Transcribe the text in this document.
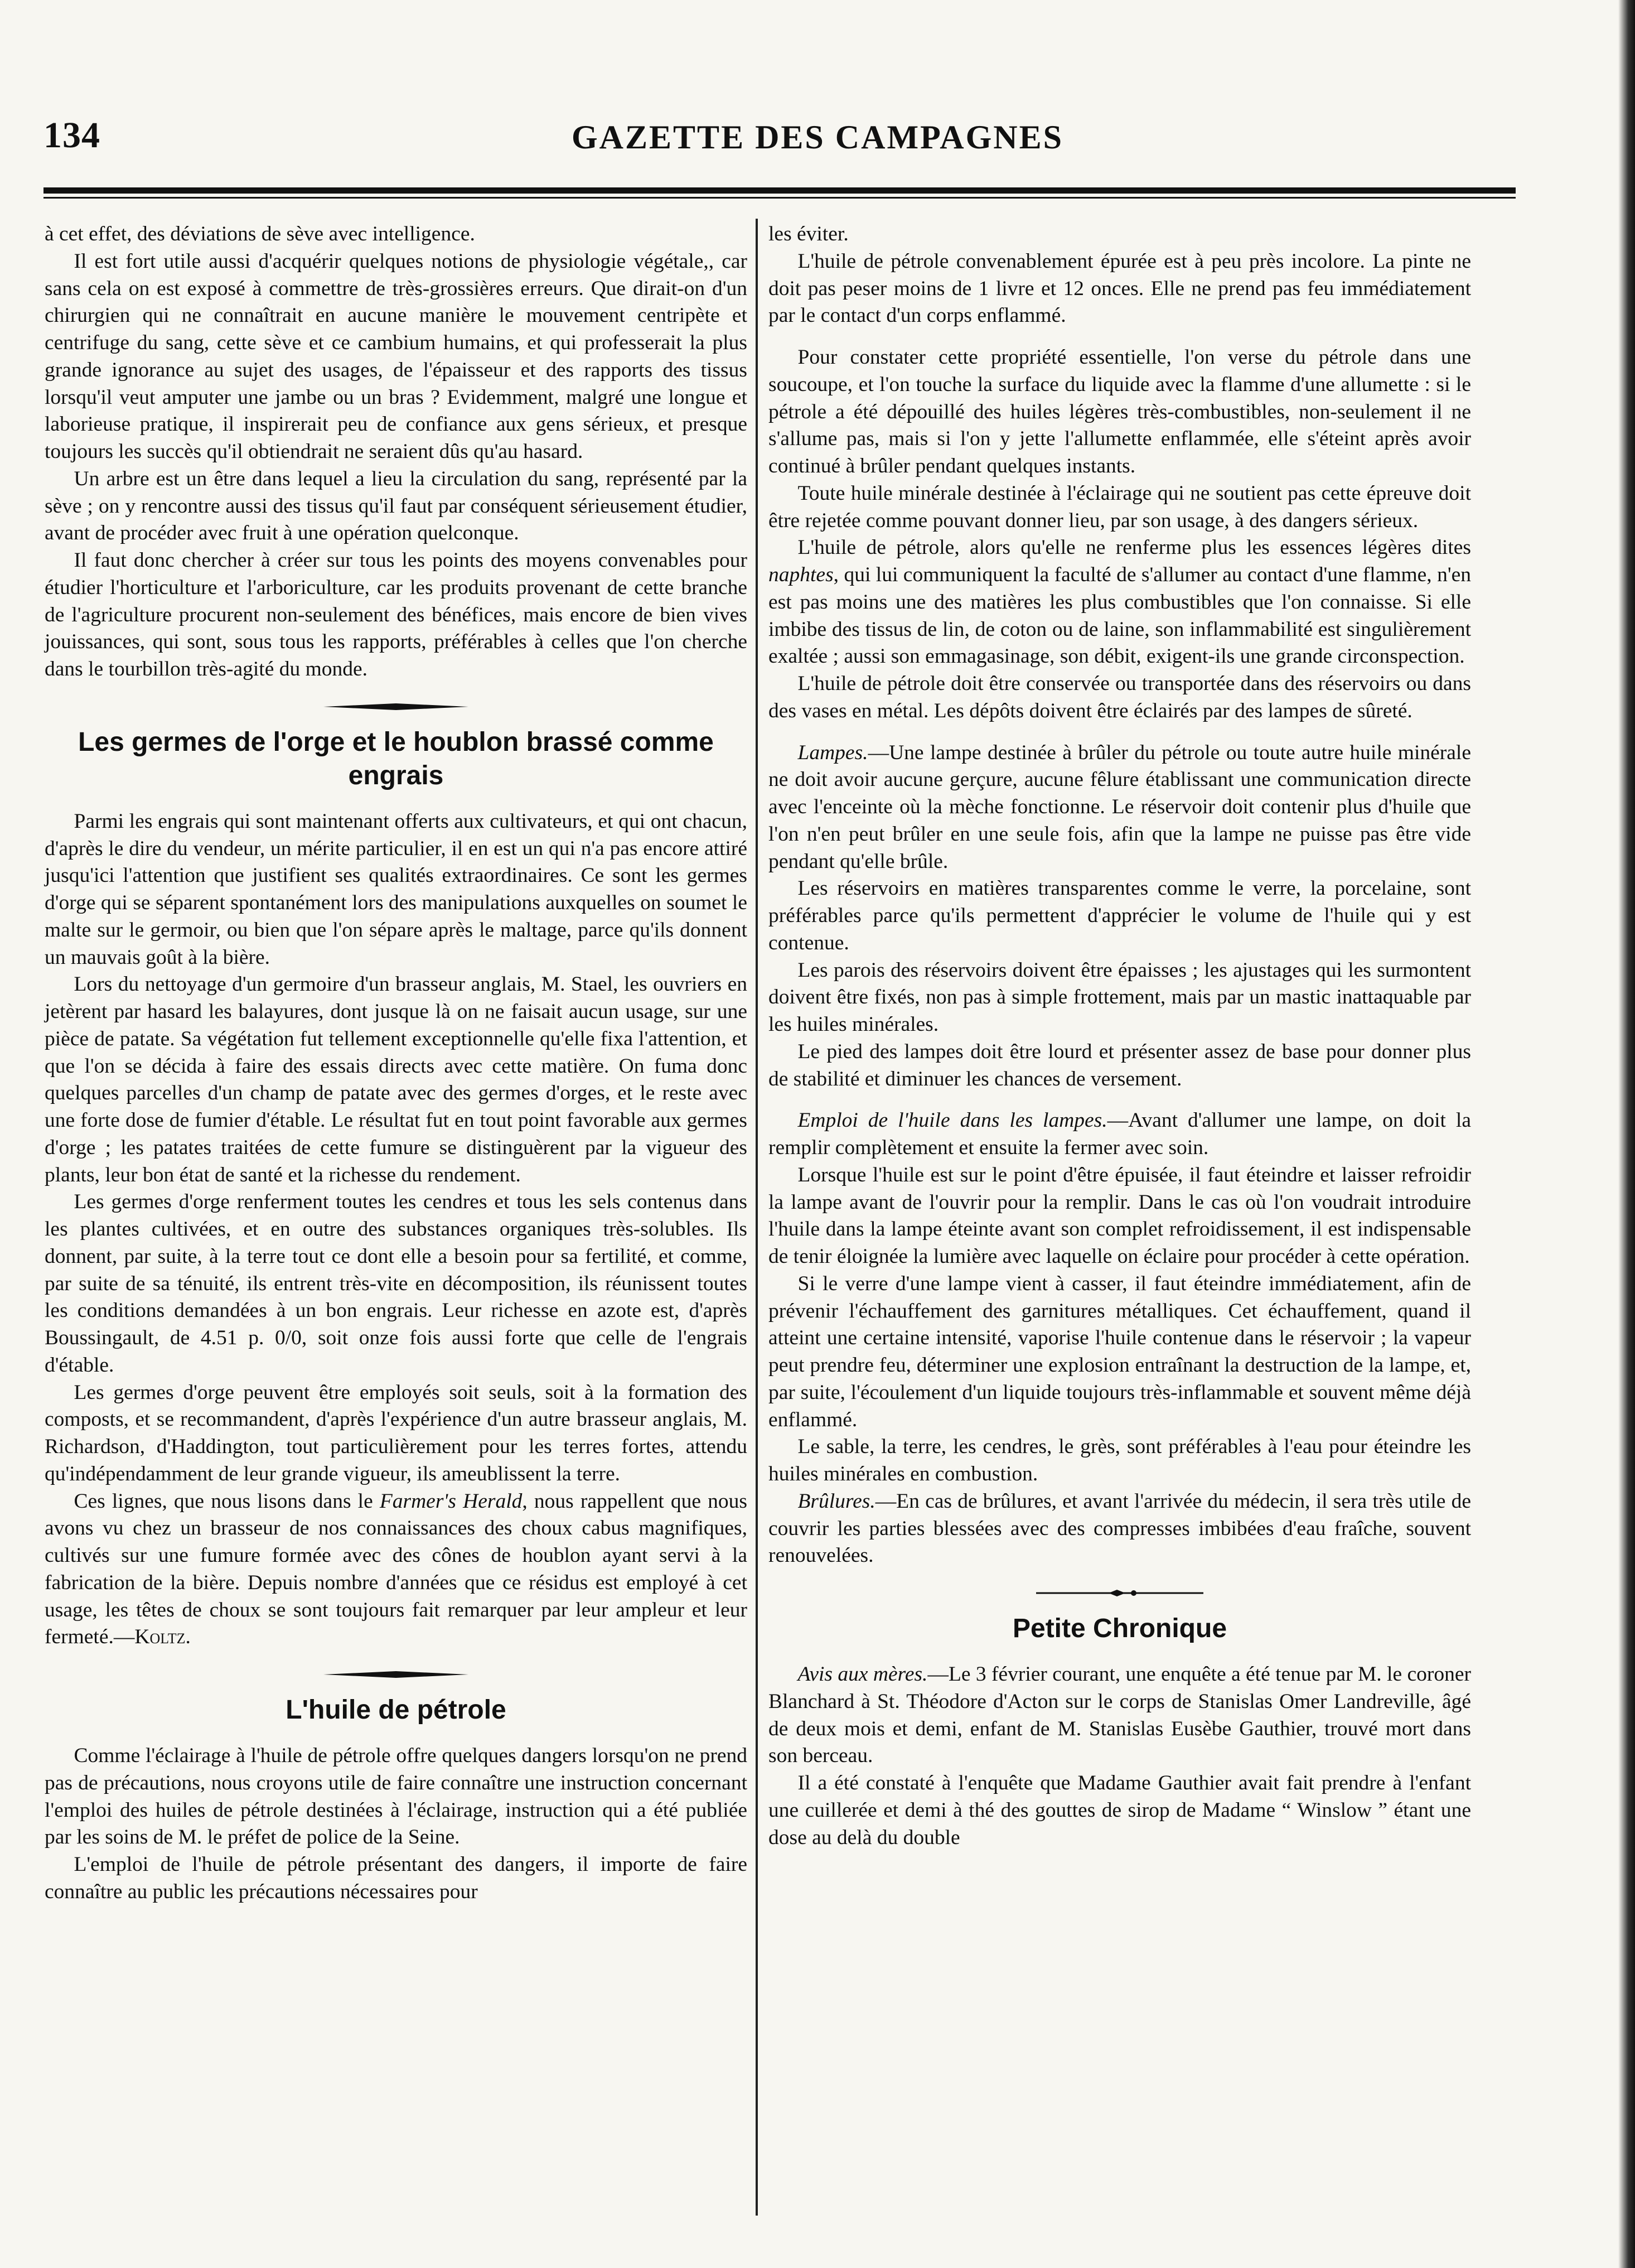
134	GAZETTE DES CAMPAGNES

à cet effet, des déviations de sève avec intelligence.

Il est fort utile aussi d'acquérir quelques notions de physiologie végétale,, car sans cela on est exposé à commettre de très-grossières erreurs. Que dirait-on d'un chirurgien qui ne connaîtrait en aucune manière le mouvement centripète et centrifuge du sang, cette sève et ce cambium humains, et qui professerait la plus grande ignorance au sujet des usages, de l'épaisseur et des rapports des tissus lorsqu'il veut amputer une jambe ou un bras ? Evidemment, malgré une longue et laborieuse pratique, il inspirerait peu de confiance aux gens sérieux, et presque toujours les succès qu'il obtiendrait ne seraient dûs qu'au hasard.

Un arbre est un être dans lequel a lieu la circulation du sang, représenté par la sève ; on y rencontre aussi des tissus qu'il faut par conséquent sérieusement étudier, avant de procéder avec fruit à une opération quelconque.

Il faut donc chercher à créer sur tous les points des moyens convenables pour étudier l'horticulture et l'arboriculture, car les produits provenant de cette branche de l'agriculture procurent non-seulement des bénéfices, mais encore de bien vives jouissances, qui sont, sous tous les rapports, préférables à celles que l'on cherche dans le tourbillon très-agité du monde.

Les germes de l'orge et le houblon brassé comme engrais

Parmi les engrais qui sont maintenant offerts aux cultivateurs, et qui ont chacun, d'après le dire du vendeur, un mérite particulier, il en est un qui n'a pas encore attiré jusqu'ici l'attention que justifient ses qualités extraordinaires. Ce sont les germes d'orge qui se séparent spontanément lors des manipulations auxquelles on soumet le malte sur le germoir, ou bien que l'on sépare après le maltage, parce qu'ils donnent un mauvais goût à la bière.

Lors du nettoyage d'un germoire d'un brasseur anglais, M. Stael, les ouvriers en jetèrent par hasard les balayures, dont jusque là on ne faisait aucun usage, sur une pièce de patate. Sa végétation fut tellement exceptionnelle qu'elle fixa l'attention, et que l'on se décida à faire des essais directs avec cette matière. On fuma donc quelques parcelles d'un champ de patate avec des germes d'orges, et le reste avec une forte dose de fumier d'étable. Le résultat fut en tout point favorable aux germes d'orge ; les patates traitées de cette fumure se distinguèrent par la vigueur des plants, leur bon état de santé et la richesse du rendement.

Les germes d'orge renferment toutes les cendres et tous les sels contenus dans les plantes cultivées, et en outre des substances organiques très-solubles. Ils donnent, par suite, à la terre tout ce dont elle a besoin pour sa fertilité, et comme, par suite de sa ténuité, ils entrent très-vite en décomposition, ils réunissent toutes les conditions demandées à un bon engrais. Leur richesse en azote est, d'après Boussingault, de 4.51 p. 0/0, soit onze fois aussi forte que celle de l'engrais d'étable.

Les germes d'orge peuvent être employés soit seuls, soit à la formation des composts, et se recommandent, d'après l'expérience d'un autre brasseur anglais, M. Richardson, d'Haddington, tout particulièrement pour les terres fortes, attendu qu'indépendamment de leur grande vigueur, ils ameublissent la terre.

Ces lignes, que nous lisons dans le Farmer's Herald, nous rappellent que nous avons vu chez un brasseur de nos connaissances des choux cabus magnifiques, cultivés sur une fumure formée avec des cônes de houblon ayant servi à la fabrication de la bière. Depuis nombre d'années que ce résidus est employé à cet usage, les têtes de choux se sont toujours fait remarquer par leur ampleur et leur fermeté.—Koltz.

L'huile de pétrole

Comme l'éclairage à l'huile de pétrole offre quelques dangers lorsqu'on ne prend pas de précautions, nous croyons utile de faire connaître une instruction concernant l'emploi des huiles de pétrole destinées à l'éclairage, instruction qui a été publiée par les soins de M. le préfet de police de la Seine.

L'emploi de l'huile de pétrole présentant des dangers, il importe de faire connaître au public les précautions nécessaires pour

les éviter.

L'huile de pétrole convenablement épurée est à peu près incolore. La pinte ne doit pas peser moins de 1 livre et 12 onces. Elle ne prend pas feu immédiatement par le contact d'un corps enflammé.

Pour constater cette propriété essentielle, l'on verse du pétrole dans une soucoupe, et l'on touche la surface du liquide avec la flamme d'une allumette : si le pétrole a été dépouillé des huiles légères très-combustibles, non-seulement il ne s'allume pas, mais si l'on y jette l'allumette enflammée, elle s'éteint après avoir continué à brûler pendant quelques instants.

Toute huile minérale destinée à l'éclairage qui ne soutient pas cette épreuve doit être rejetée comme pouvant donner lieu, par son usage, à des dangers sérieux.

L'huile de pétrole, alors qu'elle ne renferme plus les essences légères dites naphtes, qui lui communiquent la faculté de s'allumer au contact d'une flamme, n'en est pas moins une des matières les plus combustibles que l'on connaisse. Si elle imbibe des tissus de lin, de coton ou de laine, son inflammabilité est singulièrement exaltée ; aussi son emmagasinage, son débit, exigent-ils une grande circonspection.

L'huile de pétrole doit être conservée ou transportée dans des réservoirs ou dans des vases en métal. Les dépôts doivent être éclairés par des lampes de sûreté.

Lampes.—Une lampe destinée à brûler du pétrole ou toute autre huile minérale ne doit avoir aucune gerçure, aucune fêlure établissant une communication directe avec l'enceinte où la mèche fonctionne. Le réservoir doit contenir plus d'huile que l'on n'en peut brûler en une seule fois, afin que la lampe ne puisse pas être vide pendant qu'elle brûle.

Les réservoirs en matières transparentes comme le verre, la porcelaine, sont préférables parce qu'ils permettent d'apprécier le volume de l'huile qui y est contenue.

Les parois des réservoirs doivent être épaisses ; les ajustages qui les surmontent doivent être fixés, non pas à simple frottement, mais par un mastic inattaquable par les huiles minérales.

Le pied des lampes doit être lourd et présenter assez de base pour donner plus de stabilité et diminuer les chances de versement.

Emploi de l'huile dans les lampes.—Avant d'allumer une lampe, on doit la remplir complètement et ensuite la fermer avec soin.

Lorsque l'huile est sur le point d'être épuisée, il faut éteindre et laisser refroidir la lampe avant de l'ouvrir pour la remplir. Dans le cas où l'on voudrait introduire l'huile dans la lampe éteinte avant son complet refroidissement, il est indispensable de tenir éloignée la lumière avec laquelle on éclaire pour procéder à cette opération.

Si le verre d'une lampe vient à casser, il faut éteindre immédiatement, afin de prévenir l'échauffement des garnitures métalliques. Cet échauffement, quand il atteint une certaine intensité, vaporise l'huile contenue dans le réservoir ; la vapeur peut prendre feu, déterminer une explosion entraînant la destruction de la lampe, et, par suite, l'écoulement d'un liquide toujours très-inflammable et souvent même déjà enflammé.

Le sable, la terre, les cendres, le grès, sont préférables à l'eau pour éteindre les huiles minérales en combustion.

Brûlures.—En cas de brûlures, et avant l'arrivée du médecin, il sera très utile de couvrir les parties blessées avec des compresses imbibées d'eau fraîche, souvent renouvelées.

Petite Chronique

Avis aux mères.—Le 3 février courant, une enquête a été tenue par M. le coroner Blanchard à St. Théodore d'Acton sur le corps de Stanislas Omer Landreville, âgé de deux mois et demi, enfant de M. Stanislas Eusèbe Gauthier, trouvé mort dans son berceau.

Il a été constaté à l'enquête que Madame Gauthier avait fait prendre à l'enfant une cuillerée et demi à thé des gouttes de sirop de Madame “ Winslow ” étant une dose au delà du double
